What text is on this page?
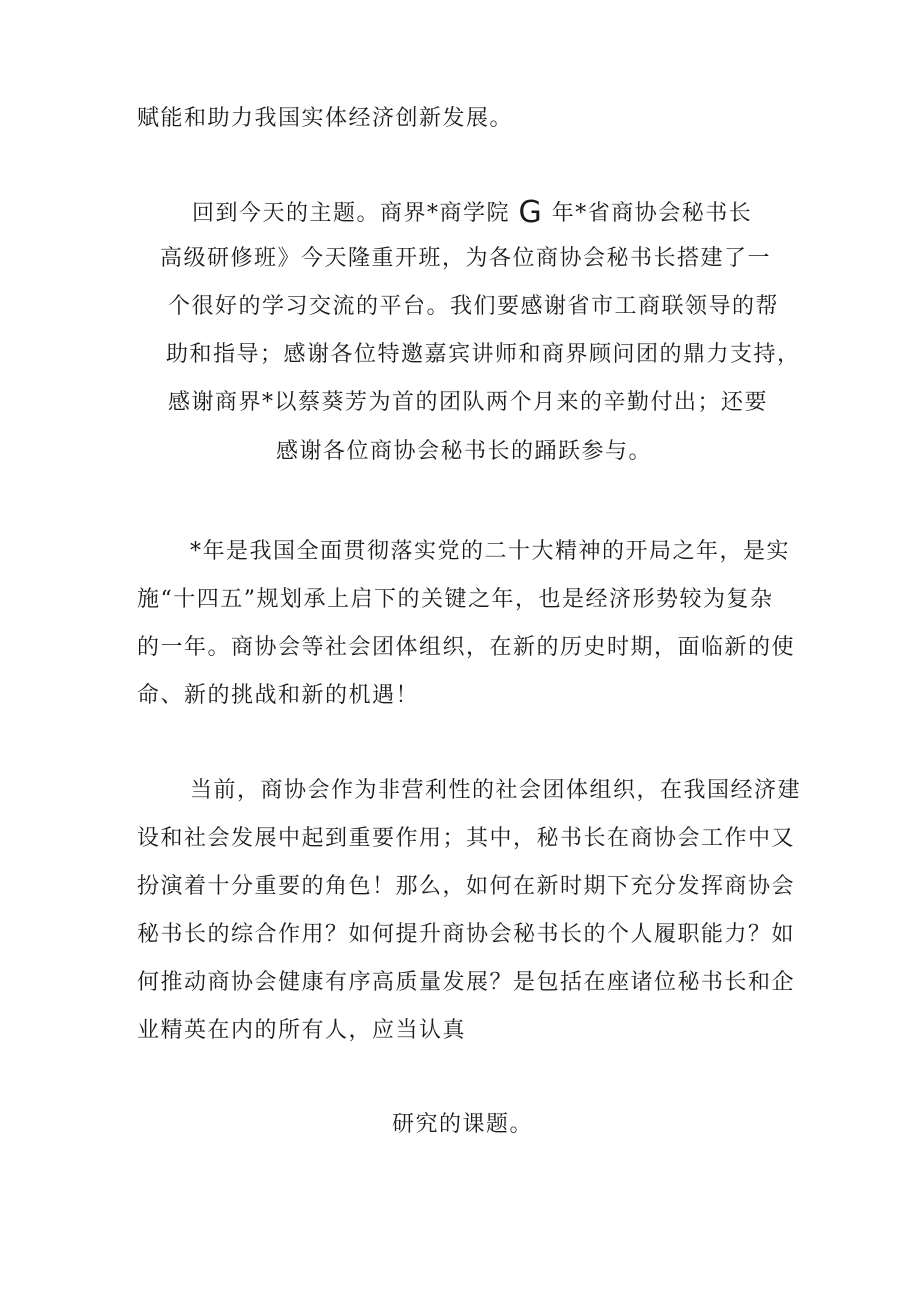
赋能和助力我国实体经济创新发展。
回到今天的主题。商界*商学院 G 年*省商协会秘书长
高级研修班》今天隆重开班，为各位商协会秘书长搭建了一
个很好的学习交流的平台。我们要感谢省市工商联领导的帮
助和指导；感谢各位特邀嘉宾讲师和商界顾问团的鼎力支持，
感谢商界*以蔡葵芳为首的团队两个月来的辛勤付出；还要
感谢各位商协会秘书长的踊跃参与。
*年是我国全面贯彻落实党的二十大精神的开局之年，是实
施“十四五”规划承上启下的关键之年，也是经济形势较为复杂
的一年。商协会等社会团体组织，在新的历史时期，面临新的使
命、新的挑战和新的机遇！
当前，商协会作为非营利性的社会团体组织，在我国经济建
设和社会发展中起到重要作用；其中，秘书长在商协会工作中又
扮演着十分重要的角色！那么，如何在新时期下充分发挥商协会
秘书长的综合作用？如何提升商协会秘书长的个人履职能力？如
何推动商协会健康有序高质量发展？是包括在座诸位秘书长和企
业精英在内的所有人，应当认真
研究的课题。
